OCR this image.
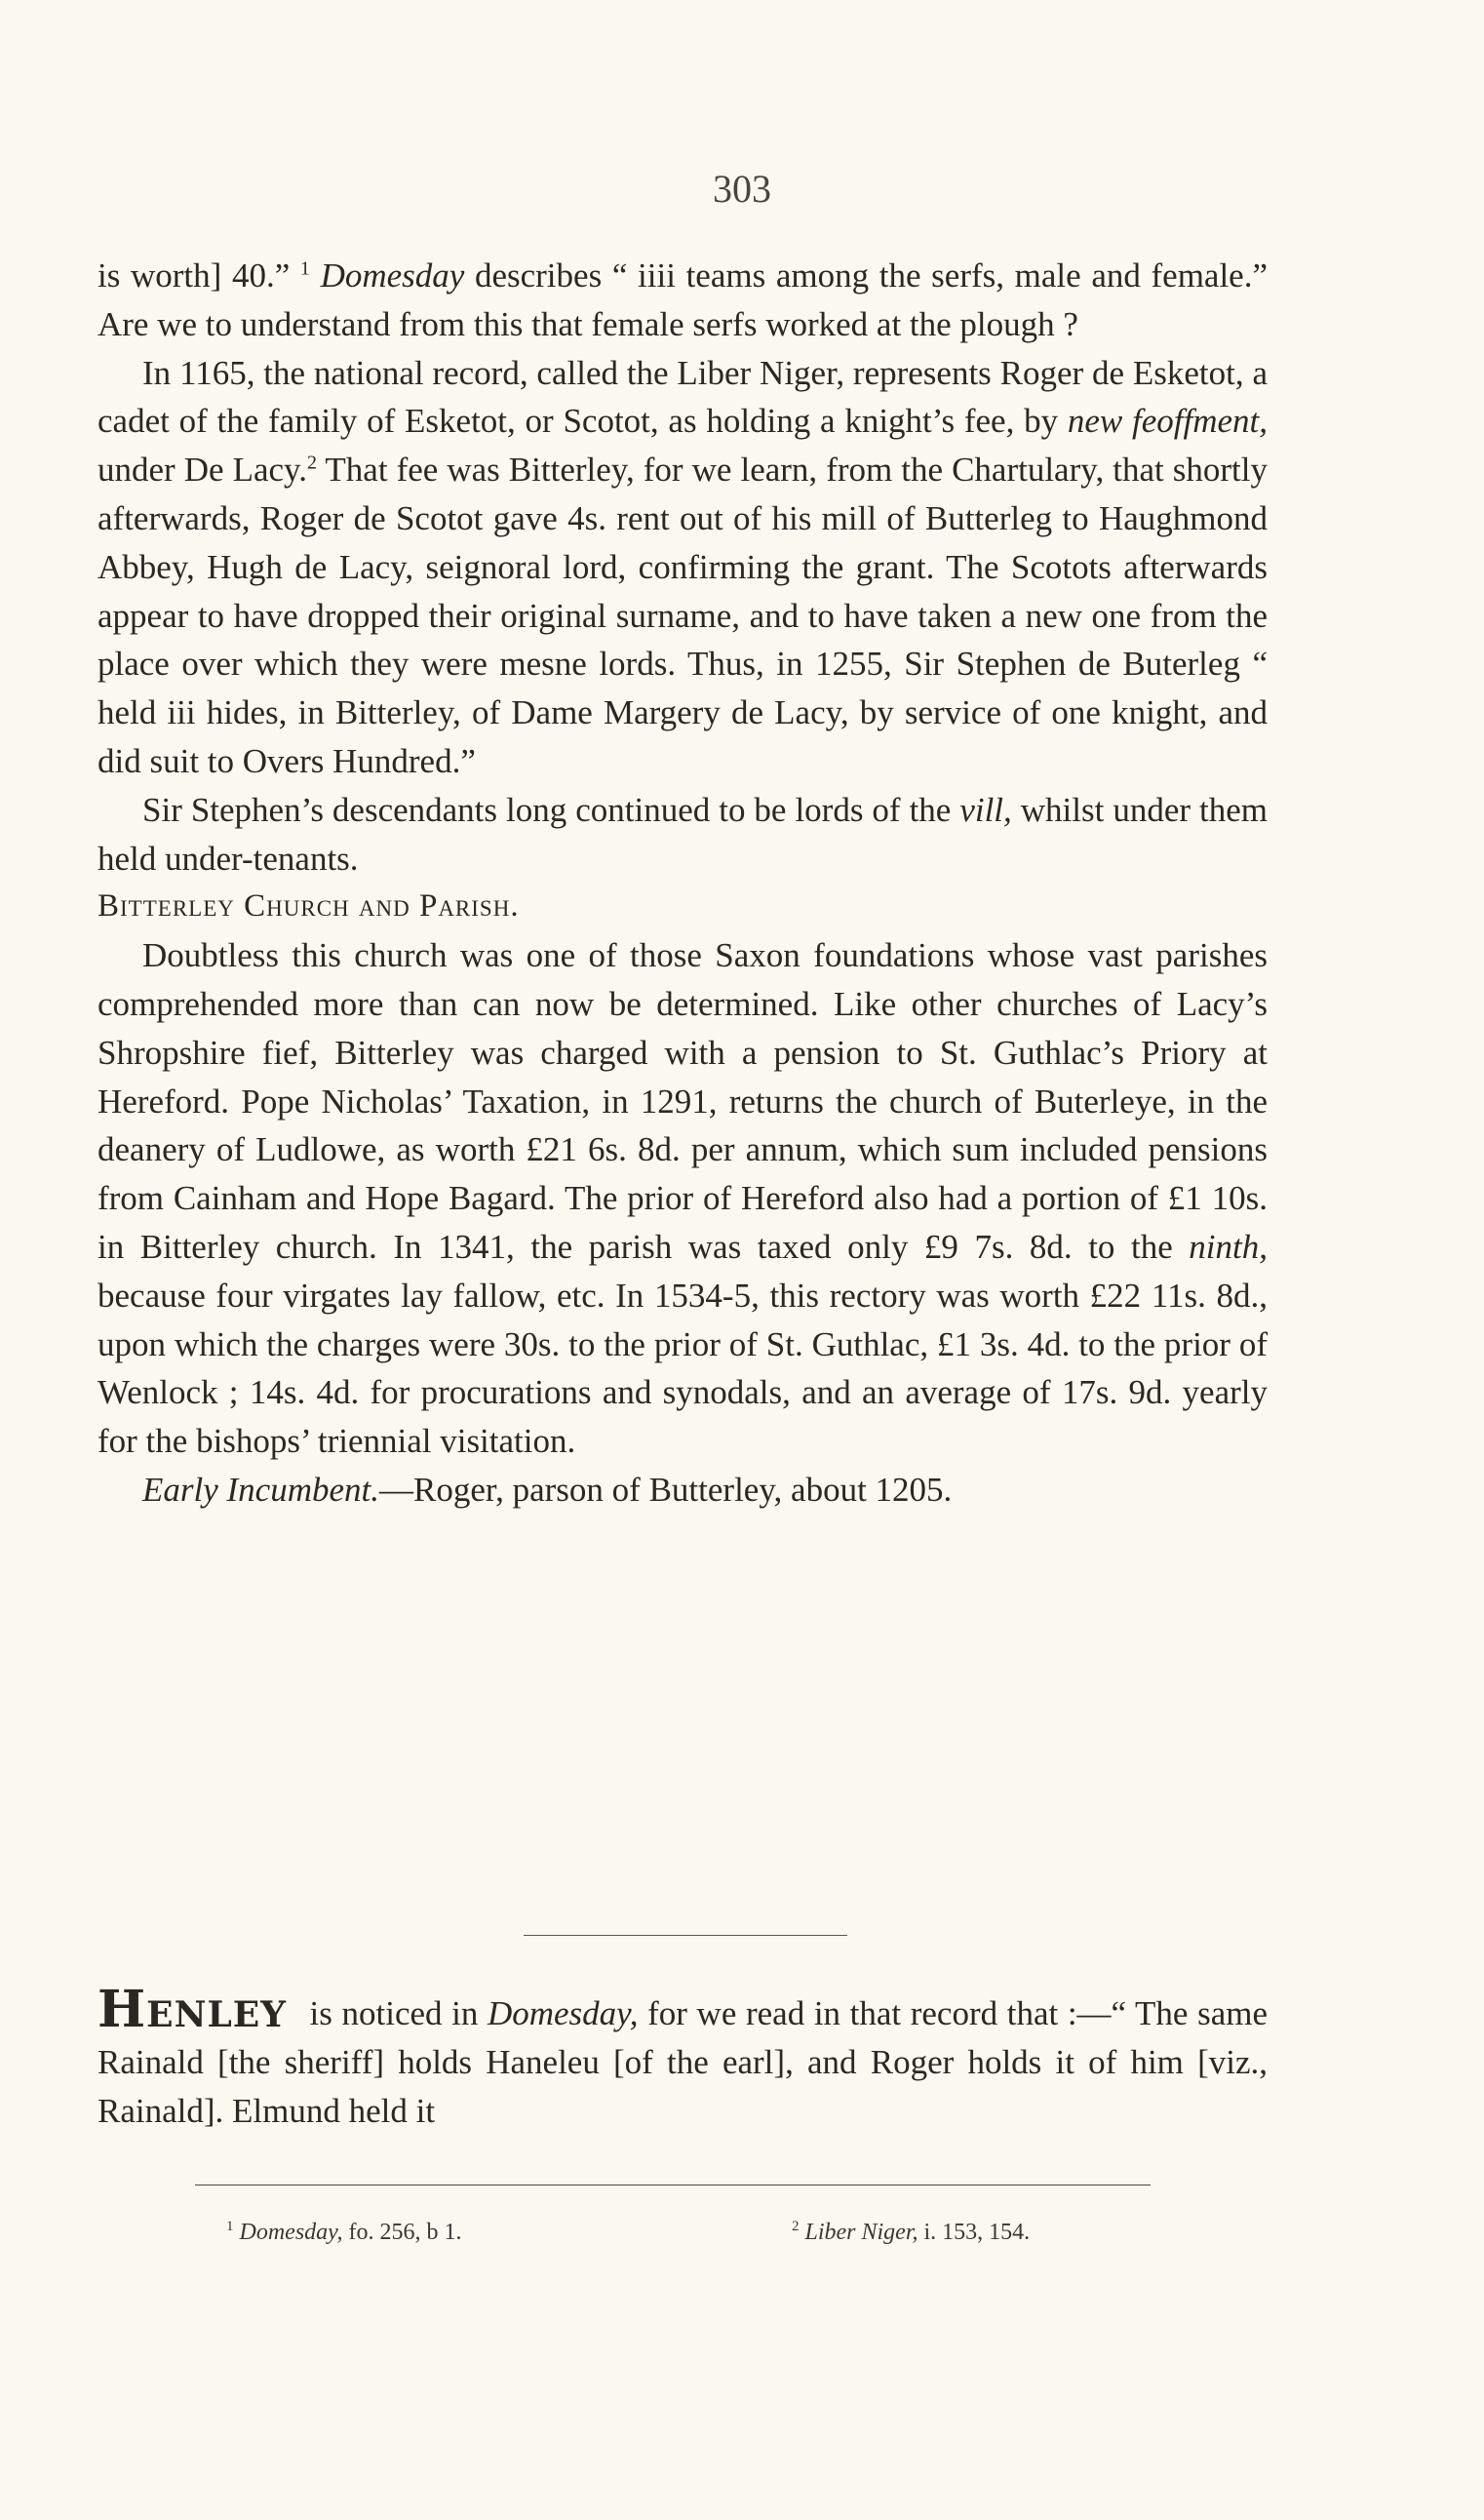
303

is worth] 40.” $^1$ Domesday describes “ iiii teams among the serfs, male and female.” Are we to understand from this that female serfs worked at the plough ?

In 1165, the national record, called the Liber Niger, represents Roger de Esketot, a cadet of the family of Esketot, or Scotot, as holding a knight’s fee, by new feoffment, under De Lacy.$^2$ That fee was Bitterley, for we learn, from the Chartulary, that shortly afterwards, Roger de Scotot gave 4s. rent out of his mill of Butterleg to Haughmond Abbey, Hugh de Lacy, seignoral lord, confirming the grant. The Scotots afterwards appear to have dropped their original surname, and to have taken a new one from the place over which they were mesne lords. Thus, in 1255, Sir Stephen de Buterleg “ held iii hides, in Bitterley, of Dame Margery de Lacy, by service of one knight, and did suit to Overs Hundred.”

Sir Stephen’s descendants long continued to be lords of the vill, whilst under them held under-tenants.

Bitterley Church and Parish.

Doubtless this church was one of those Saxon foundations whose vast parishes comprehended more than can now be determined. Like other churches of Lacy’s Shropshire fief, Bitterley was charged with a pension to St. Guthlac’s Priory at Hereford. Pope Nicholas’ Taxation, in 1291, returns the church of Buterleye, in the deanery of Ludlowe, as worth £21 6s. 8d. per annum, which sum included pensions from Cainham and Hope Bagard. The prior of Hereford also had a portion of £1 10s. in Bitterley church. In 1341, the parish was taxed only £9 7s. 8d. to the ninth, because four virgates lay fallow, etc. In 1534-5, this rectory was worth £22 11s. 8d., upon which the charges were 30s. to the prior of St. Guthlac, £1 3s. 4d. to the prior of Wenlock ; 14s. 4d. for procurations and synodals, and an average of 17s. 9d. yearly for the bishops’ triennial visitation.

Early Incumbent.—Roger, parson of Butterley, about 1205.

Henley is noticed in Domesday, for we read in that record that :—“ The same Rainald [the sheriff] holds Haneleu [of the earl], and Roger holds it of him [viz., Rainald]. Elmund held it

$^1$ Domesday, fo. 256, b 1.	$^2$ Liber Niger, i. 153, 154.
